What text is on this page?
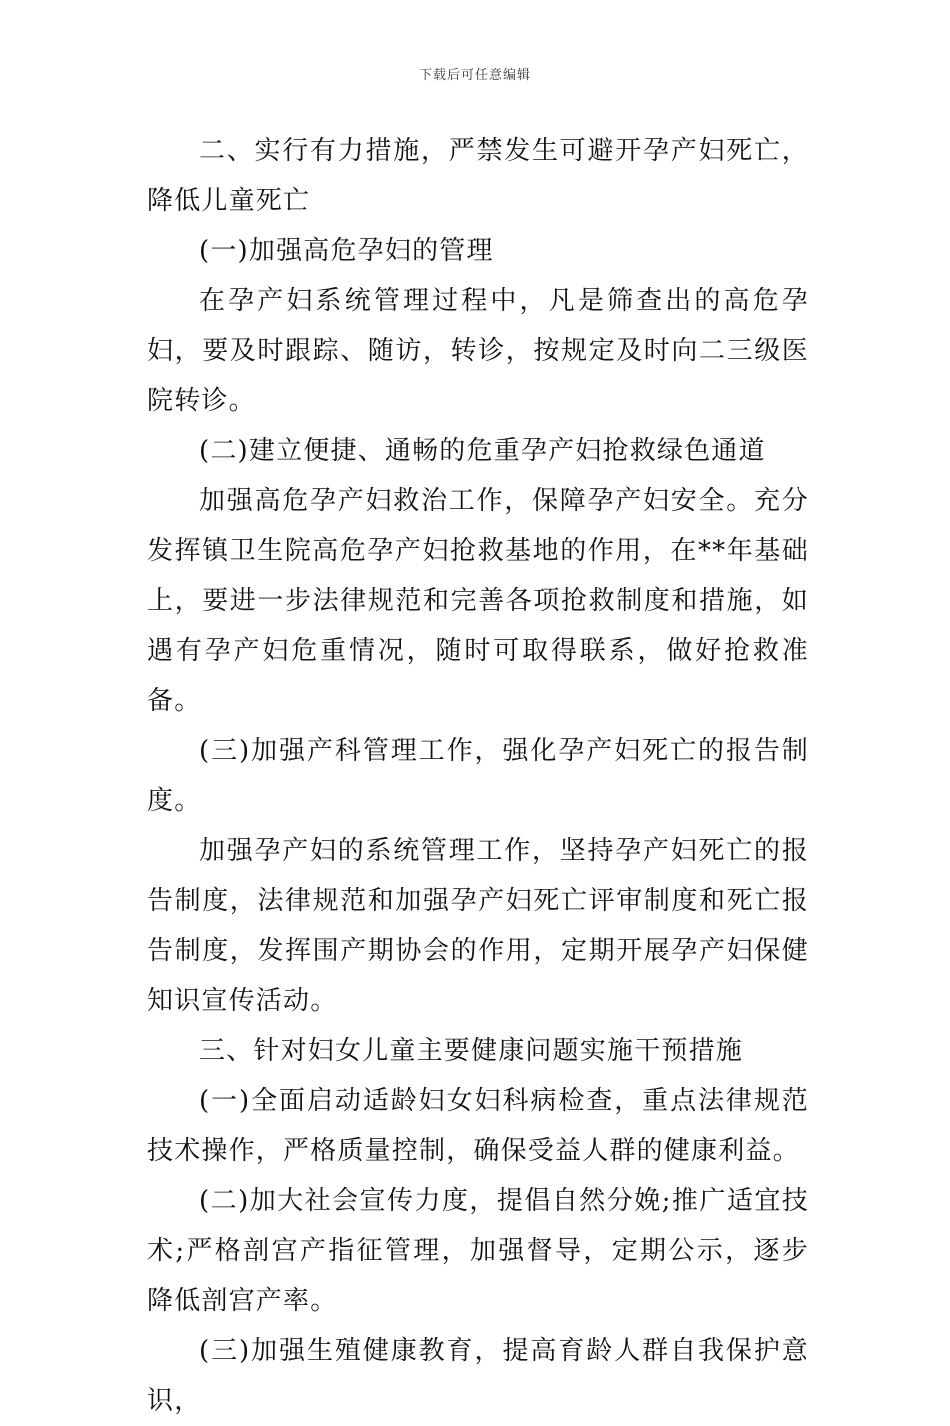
下载后可任意编辑

二、实行有力措施，严禁发生可避开孕产妇死亡，降低儿童死亡

(一)加强高危孕妇的管理

在孕产妇系统管理过程中，凡是筛查出的高危孕妇，要及时跟踪、随访，转诊，按规定及时向二三级医院转诊。

(二)建立便捷、通畅的危重孕产妇抢救绿色通道

加强高危孕产妇救治工作，保障孕产妇安全。充分发挥镇卫生院高危孕产妇抢救基地的作用，在**年基础上，要进一步法律规范和完善各项抢救制度和措施，如遇有孕产妇危重情况，随时可取得联系，做好抢救准备。

(三)加强产科管理工作，强化孕产妇死亡的报告制度。

加强孕产妇的系统管理工作，坚持孕产妇死亡的报告制度，法律规范和加强孕产妇死亡评审制度和死亡报告制度，发挥围产期协会的作用，定期开展孕产妇保健知识宣传活动。

三、针对妇女儿童主要健康问题实施干预措施

(一)全面启动适龄妇女妇科病检查，重点法律规范技术操作，严格质量控制，确保受益人群的健康利益。

(二)加大社会宣传力度，提倡自然分娩;推广适宜技术;严格剖宫产指征管理，加强督导，定期公示，逐步降低剖宫产率。

(三)加强生殖健康教育，提高育龄人群自我保护意识，
